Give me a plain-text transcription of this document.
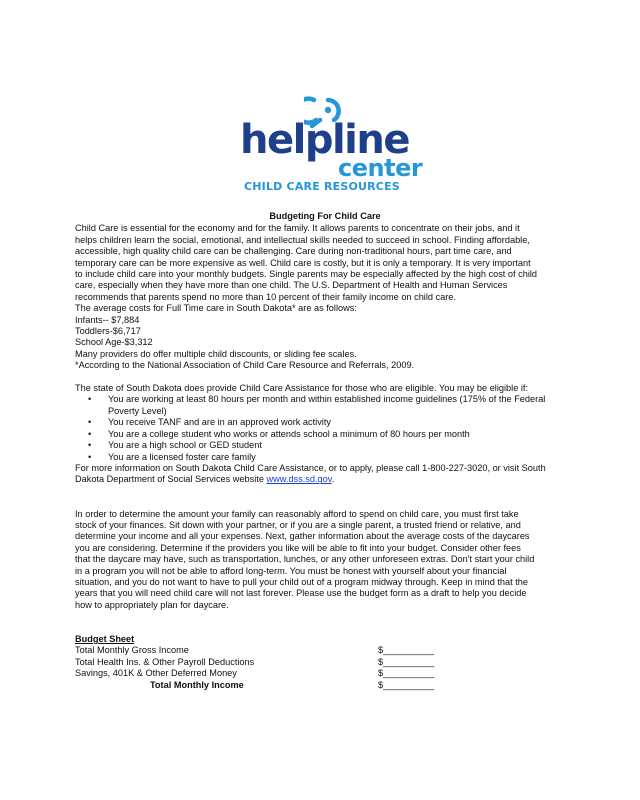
helpline
center
CHILD CARE RESOURCES
Budgeting For Child Care

Child Care is essential for the economy and for the family. It allows parents to concentrate on their jobs, and it

helps children learn the social, emotional, and intellectual skills needed to succeed in school. Finding affordable,

accessible, high quality child care can be challenging. Care during non-traditional hours, part time care, and

temporary care can be more expensive as well. Child care is costly, but it is only a temporary. It is very important

to include child care into your monthly budgets. Single parents may be especially affected by the high cost of child

care, especially when they have more than one child. The U.S. Department of Health and Human Services

recommends that parents spend no more than 10 percent of their family income on child care.

The average costs for Full Time care in South Dakota* are as follows:

Infants-- $7,884

Toddlers-$6,717

School Age-$3,312

Many providers do offer multiple child discounts, or sliding fee scales.

*According to the National Association of Child Care Resource and Referrals, 2009.

The state of South Dakota does provide Child Care Assistance for those who are eligible. You may be eligible if:

• You are working at least 80 hours per month and within established income guidelines (175% of the Federal Poverty Level)
• You receive TANF and are in an approved work activity
• You are a college student who works or attends school a minimum of 80 hours per month
• You are a high school or GED student
• You are a licensed foster care family

For more information on South Dakota Child Care Assistance, or to apply, please call 1-800-227-3020, or visit South

Dakota Department of Social Services website www.dss.sd.gov.

In order to determine the amount your family can reasonably afford to spend on child care, you must first take

stock of your finances. Sit down with your partner, or if you are a single parent, a trusted friend or relative, and

determine your income and all your expenses. Next, gather information about the average costs of the daycares

you are considering. Determine if the providers you like will be able to fit into your budget. Consider other fees

that the daycare may have, such as transportation, lunches, or any other unforeseen extras. Don't start your child

in a program you will not be able to afford long-term. You must be honest with yourself about your financial

situation, and you do not want to have to pull your child out of a program midway through. Keep in mind that the

years that you will need child care will not last forever. Please use the budget form as a draft to help you decide

how to appropriately plan for daycare.

Budget Sheet

Total Monthly Gross Income	$__________
Total Health Ins. & Other Payroll Deductions	$__________
Savings, 401K & Other Deferred Money	$__________
Total Monthly Income	$__________
